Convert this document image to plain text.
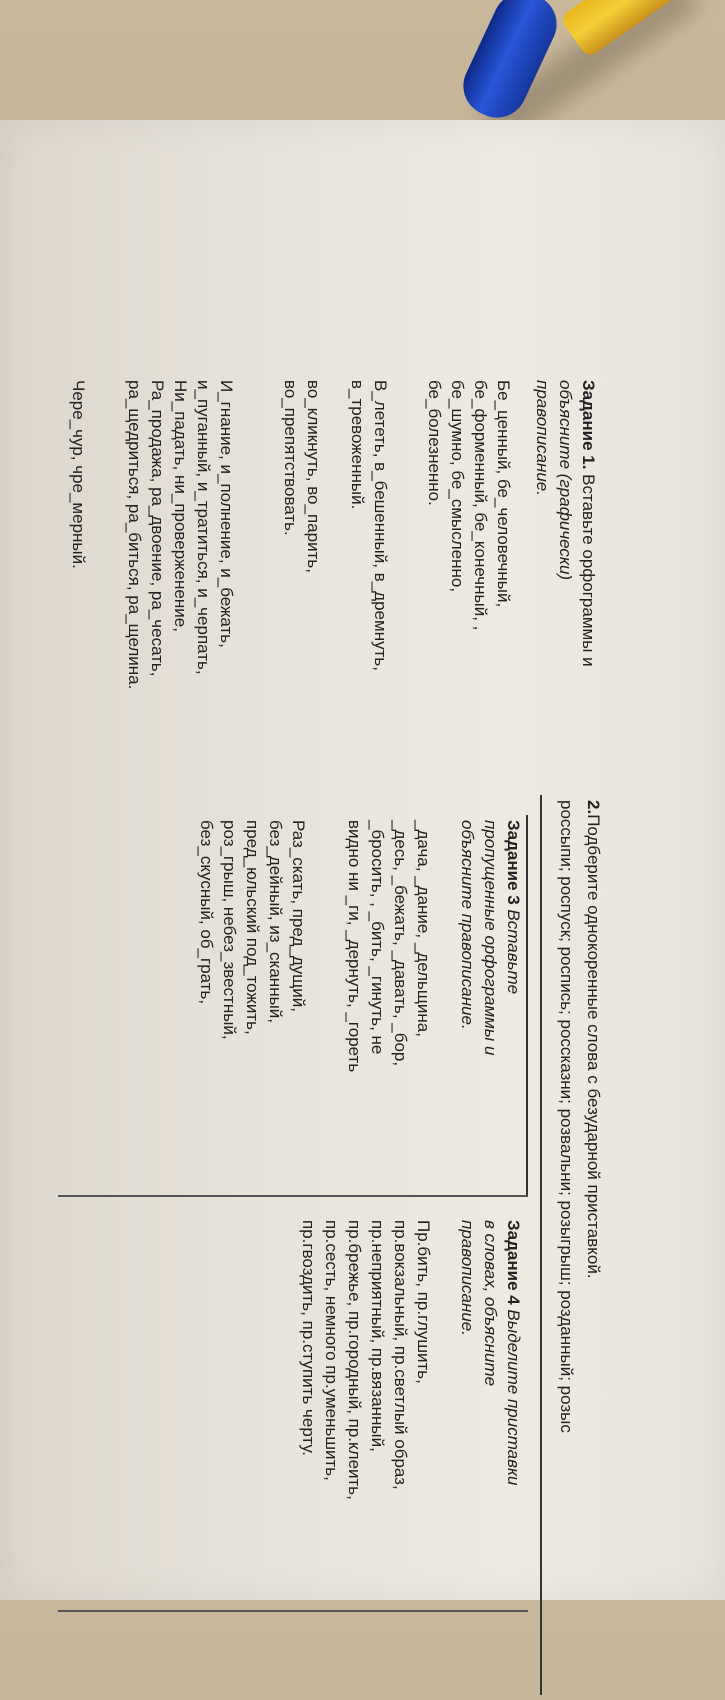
Задание 1. Вставьте орфограммы и
объясните (графически)
правописание.
Бе_ценный, бе_человечный,
бе_форменный, бе_конечный, ,
бе_шумно, бе_смысленно,
бе_болезненно.
В_лететь, в_бешенный, в_дремнуть,
в_тревоженный.
во_кликнуть, во_парить,
во_препятствовать.
И_гнание, и_полнение, и_бежать,
и_пуганный, и_тратиться, и_черпать,
Ни_падать, ни_проверженение,
Ра_продажа, ра_двоение, ра_чесать,
ра_щедриться, ра_биться, ра_щелина.
Чере_чур, чре_мерный.
2.Подберите однокоренные слова с безударной приставкой.
россыпи; роспуск; роспись; россказни; розвальни; розыгрыш; розданный; розыс
Задание 3 Вставьте
пропущенные орфограммы и
объясните правописание.
_дача, _дание, _дельщина,
_десь, _бежать, _давать, _бор,
_бросить, , _бить, _гинуть, не
видно ни _ги, _дернуть, _гореть
Раз_скать, пред_дущий,
без_дейный, из_сканный,
пред_юльский под_тожить,
роз_грыш, небез_звестный,
без_скусный, об_грать,
Задание 4 Выделите приставки
в словах, объясните
правописание.
Пр.бить, пр.глушить,
пр.вокзальный, пр.светлый образ,
пр.неприятный, пр.вязанный,
пр.брежье, пр.городный, пр.клеить,
пр.сесть, немного пр.уменьшить,
пр.гвоздить, пр.ступить черту.
